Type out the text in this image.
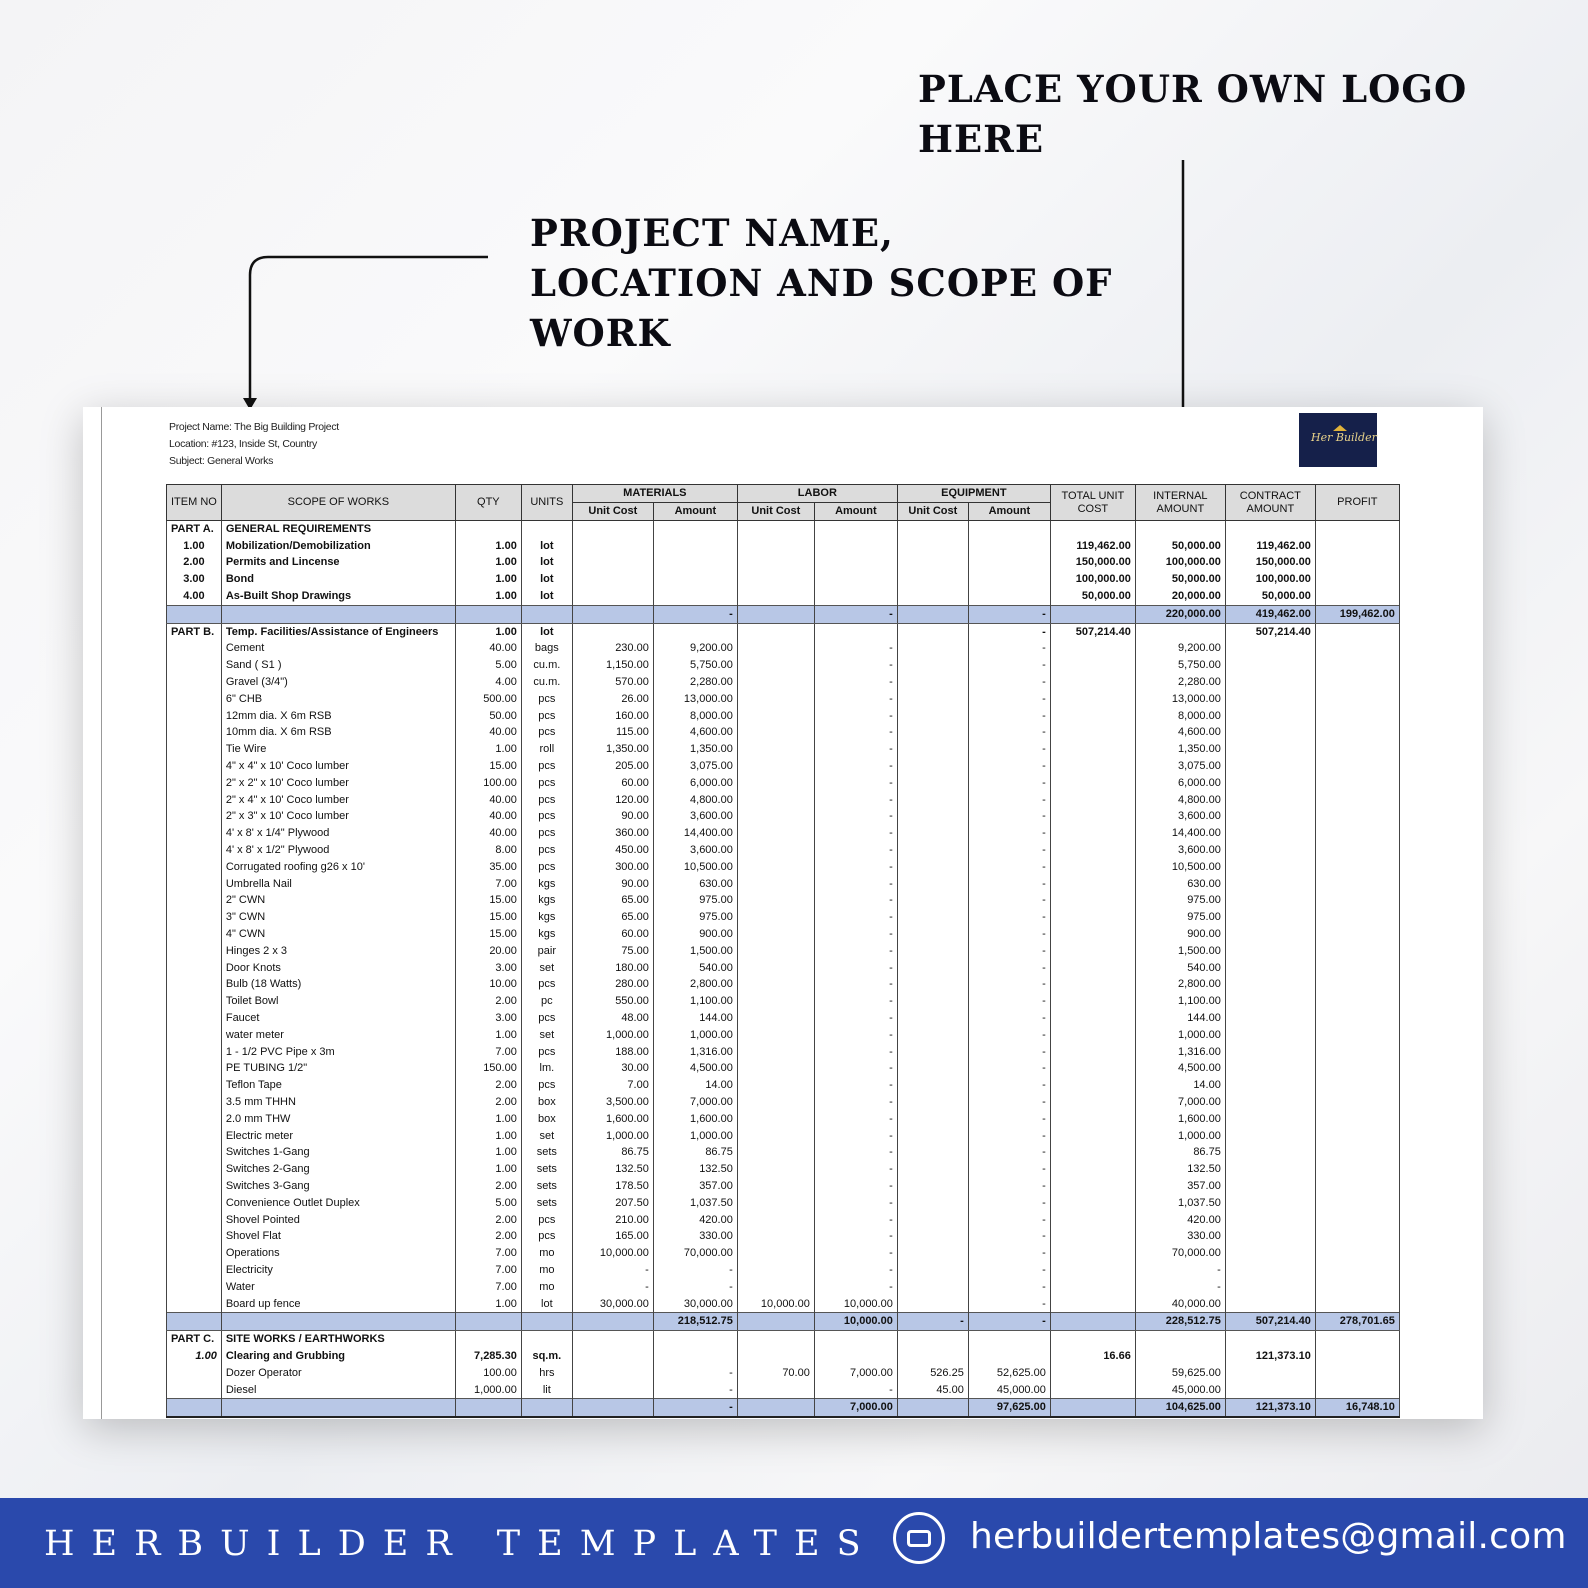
PLACE YOUR OWN LOGO
HERE
PROJECT NAME,
LOCATION AND SCOPE OF
WORK
Project Name: The Big Building Project
Location: #123, Inside St, Country
Subject: General Works
Her Builder
ITEM NO	SCOPE OF WORKS	QTY	UNITS	MATERIALS		LABOR		EQUIPMENT		TOTAL UNIT COST	INTERNAL AMOUNT	CONTRACT AMOUNT	PROFIT
				Unit Cost	Amount	Unit Cost	Amount	Unit Cost	Amount				
PART A.	GENERAL REQUIREMENTS												
1.00	Mobilization/Demobilization	1.00	lot							119,462.00	50,000.00	119,462.00	
2.00	Permits and Lincense	1.00	lot							150,000.00	100,000.00	150,000.00	
3.00	Bond	1.00	lot							100,000.00	50,000.00	100,000.00	
4.00	As-Built Shop Drawings	1.00	lot							50,000.00	20,000.00	50,000.00	
					-		-		-		220,000.00	419,462.00	199,462.00
PART B.	Temp. Facilities/Assistance of Engineers	1.00	lot						-	507,214.40		507,214.40	
	Cement	40.00	bags	230.00	9,200.00		-		-		9,200.00		
	Sand ( S1 )	5.00	cu.m.	1,150.00	5,750.00		-		-		5,750.00		
	Gravel (3/4")	4.00	cu.m.	570.00	2,280.00		-		-		2,280.00		
	6" CHB	500.00	pcs	26.00	13,000.00		-		-		13,000.00		
	12mm dia. X 6m RSB	50.00	pcs	160.00	8,000.00		-		-		8,000.00		
	10mm dia. X 6m RSB	40.00	pcs	115.00	4,600.00		-		-		4,600.00		
	Tie Wire	1.00	roll	1,350.00	1,350.00		-		-		1,350.00		
	4" x 4" x 10' Coco lumber	15.00	pcs	205.00	3,075.00		-		-		3,075.00		
	2" x 2" x 10' Coco lumber	100.00	pcs	60.00	6,000.00		-		-		6,000.00		
	2" x 4" x 10' Coco lumber	40.00	pcs	120.00	4,800.00		-		-		4,800.00		
	2" x 3" x 10' Coco lumber	40.00	pcs	90.00	3,600.00		-		-		3,600.00		
	4' x 8' x 1/4" Plywood	40.00	pcs	360.00	14,400.00		-		-		14,400.00		
	4' x 8' x 1/2" Plywood	8.00	pcs	450.00	3,600.00		-		-		3,600.00		
	Corrugated roofing g26 x 10'	35.00	pcs	300.00	10,500.00		-		-		10,500.00		
	Umbrella Nail	7.00	kgs	90.00	630.00		-		-		630.00		
	2" CWN	15.00	kgs	65.00	975.00		-		-		975.00		
	3" CWN	15.00	kgs	65.00	975.00		-		-		975.00		
	4" CWN	15.00	kgs	60.00	900.00		-		-		900.00		
	Hinges 2 x 3	20.00	pair	75.00	1,500.00		-		-		1,500.00		
	Door Knots	3.00	set	180.00	540.00		-		-		540.00		
	Bulb (18 Watts)	10.00	pcs	280.00	2,800.00		-		-		2,800.00		
	Toilet Bowl	2.00	pc	550.00	1,100.00		-		-		1,100.00		
	Faucet	3.00	pcs	48.00	144.00		-		-		144.00		
	water meter	1.00	set	1,000.00	1,000.00		-		-		1,000.00		
	1 - 1/2 PVC Pipe x 3m	7.00	pcs	188.00	1,316.00		-		-		1,316.00		
	PE TUBING 1/2"	150.00	lm.	30.00	4,500.00		-		-		4,500.00		
	Teflon Tape	2.00	pcs	7.00	14.00		-		-		14.00		
	3.5 mm THHN	2.00	box	3,500.00	7,000.00		-		-		7,000.00		
	2.0 mm THW	1.00	box	1,600.00	1,600.00		-		-		1,600.00		
	Electric meter	1.00	set	1,000.00	1,000.00		-		-		1,000.00		
	Switches 1-Gang	1.00	sets	86.75	86.75		-		-		86.75		
	Switches 2-Gang	1.00	sets	132.50	132.50		-		-		132.50		
	Switches 3-Gang	2.00	sets	178.50	357.00		-		-		357.00		
	Convenience Outlet Duplex	5.00	sets	207.50	1,037.50		-		-		1,037.50		
	Shovel Pointed	2.00	pcs	210.00	420.00		-		-		420.00		
	Shovel Flat	2.00	pcs	165.00	330.00		-		-		330.00		
	Operations	7.00	mo	10,000.00	70,000.00		-		-		70,000.00		
	Electricity	7.00	mo	-	-		-		-		-		
	Water	7.00	mo	-	-		-		-		-		
	Board up fence	1.00	lot	30,000.00	30,000.00	10,000.00	10,000.00		-		40,000.00		
					218,512.75		10,000.00	-	-		228,512.75	507,214.40	278,701.65
PART C.	SITE WORKS / EARTHWORKS												
1.00	Clearing and Grubbing	7,285.30	sq.m.							16.66		121,373.10	
	Dozer Operator	100.00	hrs		-	70.00	7,000.00	526.25	52,625.00		59,625.00		
	Diesel	1,000.00	lit		-		-	45.00	45,000.00		45,000.00		
					-		7,000.00		97,625.00		104,625.00	121,373.10	16,748.10
HERBUILDER TEMPLATES	herbuildertemplates@gmail.com
